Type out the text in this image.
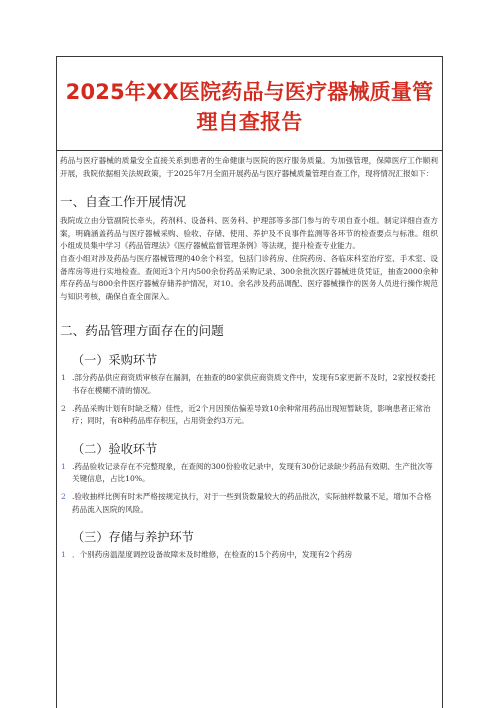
2025年XX医院药品与医疗器械质量管
理自查报告

药品与医疗器械的质量安全直接关系到患者的生命健康与医院的医疗服务质量。为加强管理，保障医疗工作顺利开展，我院依据相关法规政策，于2025年7月全面开展药品与医疗器械质量管理自查工作，现将情况汇报如下：

一、自查工作开展情况

我院成立由分管副院长牵头，药剂科、设备科、医务科、护理部等多部门参与的专项自查小组。制定详细自查方案，明确涵盖药品与医疗器械采购、验收、存储、使用、养护及不良事件监测等各环节的检查要点与标准。组织小组成员集中学习《药品管理法》《医疗器械监督管理条例》等法规，提升检查专业能力。

自查小组对涉及药品与医疗器械管理的40余个科室，包括门诊药房、住院药房、各临床科室治疗室、手术室、设备库房等进行实地检查。查阅近3个月内500余份药品采购记录、300余批次医疗器械进货凭证，抽查2000余种库存药品与800余件医疗器械存储养护情况，对10。余名涉及药品调配、医疗器械操作的医务人员进行操作规范与知识考核，确保自查全面深入。

二、药品管理方面存在的问题
（一）采购环节
1 .部分药品供应商资质审核存在漏洞，在抽查的80家供应商资质文件中，发现有5家更新不及时，2家授权委托书存在模糊不清的情况。
2 .药品采购计划有时缺乏精）佳性，近2个月因预估偏差导致10余种常用药品出现短暂缺货，影响患者正常治疗；同时，有8种药品库存积压，占用资金约3万元。
（二）验收环节
1 .药品验收记录存在不完整现象，在查阅的300份验收记录中，发现有30份记录缺少药品有效期、生产批次等关键信息，占比10%。
2 .验收抽样比例有时未严格按规定执行，对于一些到货数量较大的药品批次，实际抽样数量不足，增加不合格药品流入医院的风险。
（三）存储与养护环节
1 ．个别药房温湿度调控设备故障未及时维修，在检查的15个药房中，发现有2个药房
